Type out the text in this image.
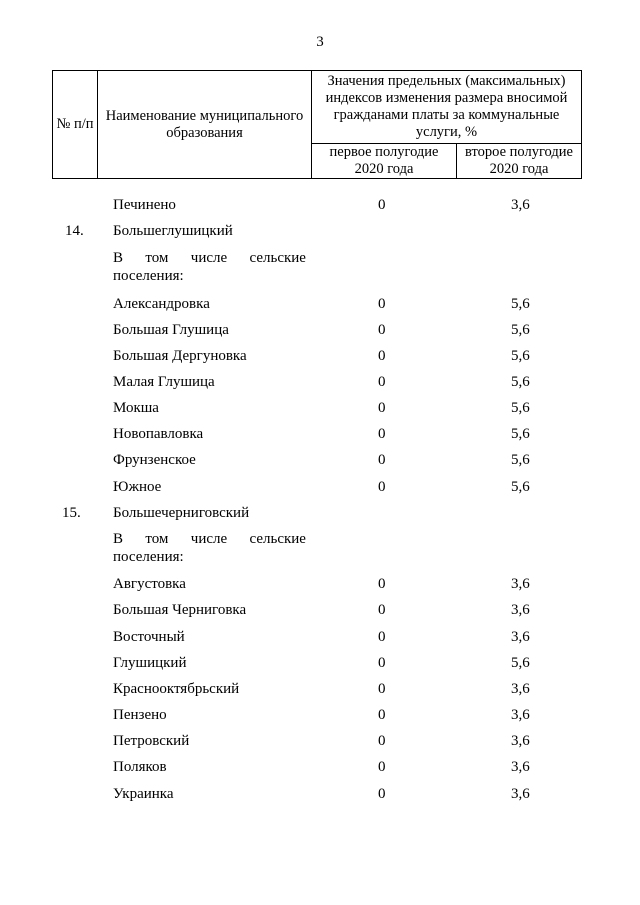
3
№ п/п	Наименование муниципального образования	Значения предельных (максимальных) индексов изменения размера вносимой гражданами платы за коммунальные услуги, %	
		первое полугодие 2020 года	второе полугодие 2020 года
Печинено	0	3,6
14. Большеглушицкий
В том числе сельские
поселения:
Александровка	0	5,6
Большая Глушица	0	5,6
Большая Дергуновка	0	5,6
Малая Глушица	0	5,6
Мокша	0	5,6
Новопавловка	0	5,6
Фрунзенское	0	5,6
Южное	0	5,6
15. Большечерниговский
В том числе сельские
поселения:
Августовка	0	3,6
Большая Черниговка	0	3,6
Восточный	0	3,6
Глушицкий	0	5,6
Краснооктябрьский	0	3,6
Пензено	0	3,6
Петровский	0	3,6
Поляков	0	3,6
Украинка	0	3,6
